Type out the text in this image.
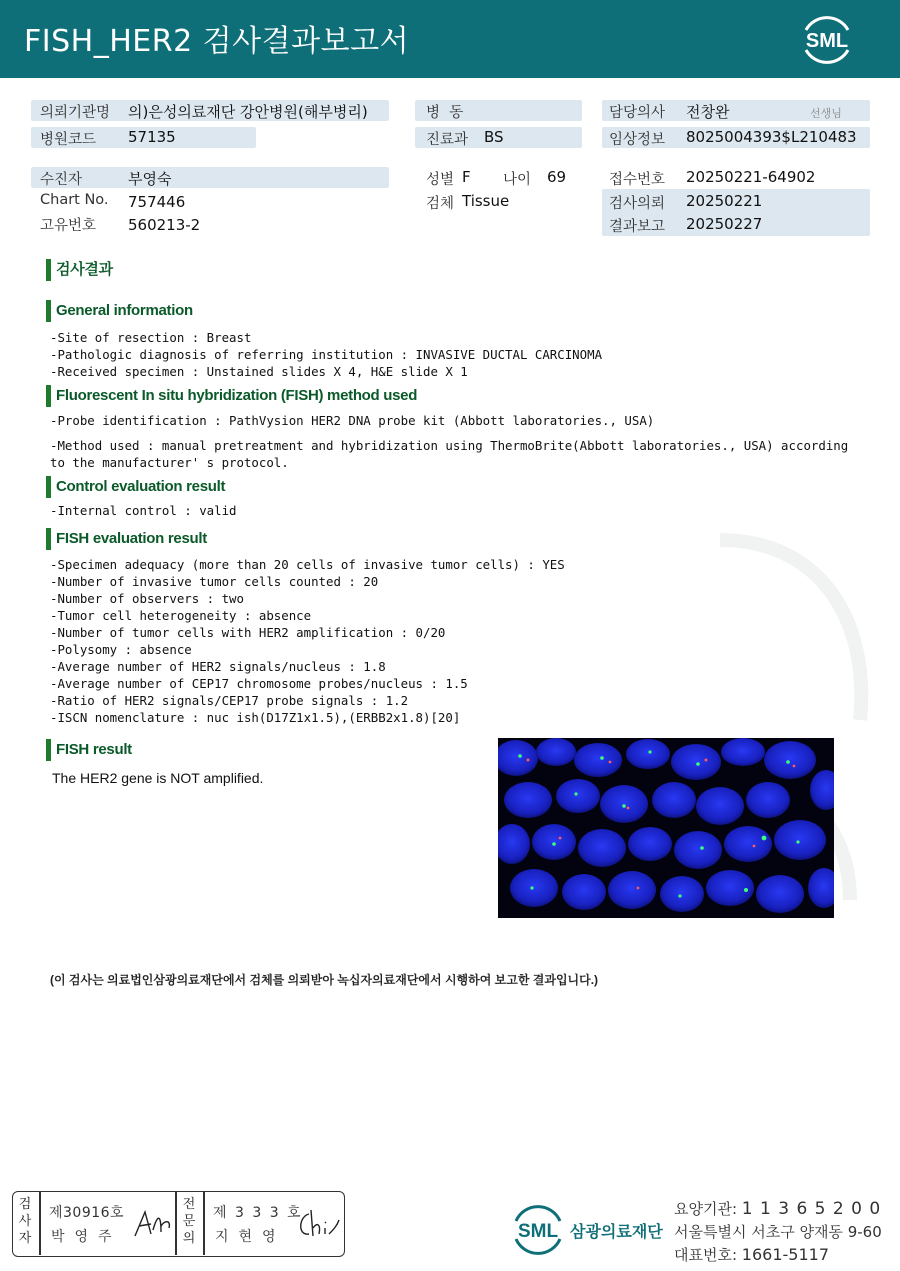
FISH_HER2 검사결과보고서	SML
의뢰기관명 의)은성의료재단 강안병원(해부병리)
병원코드 57135
병  동
진료과 BS
담당의사 전창완	선생님
임상정보 8025004393$L210483
수진자	부영숙
Chart No. 757446
고유번호 560213-2
성별 F 나이 69
검체 Tissue
접수번호 20250221-64902
검사의뢰 20250221
결과보고 20250227
검사결과
General information
-Site of resection : Breast
-Pathologic diagnosis of referring institution : INVASIVE DUCTAL CARCINOMA
-Received specimen : Unstained slides X 4, H&E slide X 1
Fluorescent In situ hybridization (FISH) method used
-Probe identification : PathVysion HER2 DNA probe kit (Abbott laboratories., USA)
-Method used : manual pretreatment and hybridization using ThermoBrite(Abbott laboratories., USA) according
to the manufacturer' s protocol.
Control evaluation result
-Internal control : valid
FISH evaluation result
-Specimen adequacy (more than 20 cells of invasive tumor cells) : YES
-Number of invasive tumor cells counted : 20
-Number of observers : two
-Tumor cell heterogeneity : absence
-Number of tumor cells with HER2 amplification : 0/20
-Polysomy : absence
-Average number of HER2 signals/nucleus : 1.8
-Average number of CEP17 chromosome probes/nucleus : 1.5
-Ratio of HER2 signals/CEP17 probe signals : 1.2
-ISCN nomenclature : nuc ish(D17Z1x1.5),(ERBB2x1.8)[20]
FISH result
The HER2 gene is NOT amplified.
(이 검사는 의료법인삼광의료재단에서 검체를 의뢰받아 녹십자의료재단에서 시행하여 보고한 결과입니다.)
검
사
자
제30916호
박영주
전
문
의
제 3 3 3 호
지현영	SML 삼광의료재단
요양기관: 1 1 3 6 5 2 0 0
서울특별시 서초구 양재동 9-60
대표번호: 1661-5117
